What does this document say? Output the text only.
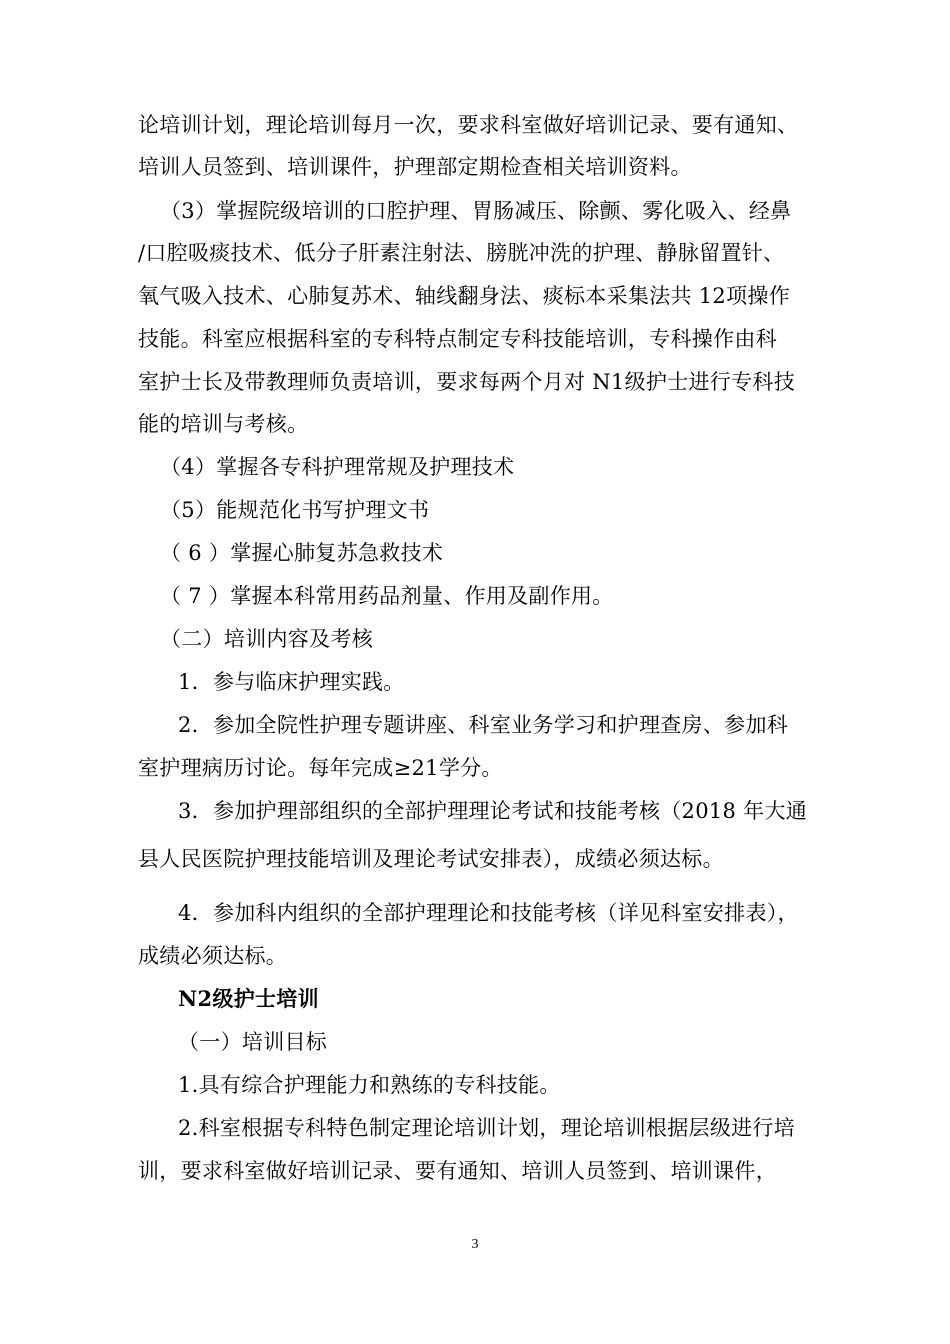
论培训计划，理论培训每月一次，要求科室做好培训记录、要有通知、
培训人员签到、培训课件，护理部定期检查相关培训资料。
（3）掌握院级培训的口腔护理、胃肠减压、除颤、雾化吸入、经鼻
/口腔吸痰技术、低分子肝素注射法、膀胱冲洗的护理、静脉留置针、
氧气吸入技术、心肺复苏术、轴线翻身法、痰标本采集法共 12项操作
技能。科室应根据科室的专科特点制定专科技能培训，专科操作由科
室护士长及带教理师负责培训，要求每两个月对 N1级护士进行专科技
能的培训与考核。
（4）掌握各专科护理常规及护理技术
（5）能规范化书写护理文书
（ 6 ）掌握心肺复苏急救技术
（ 7 ）掌握本科常用药品剂量、作用及副作用。
（二）培训内容及考核
1．参与临床护理实践。
2．参加全院性护理专题讲座、科室业务学习和护理查房、参加科
室护理病历讨论。每年完成≥21学分。
3．参加护理部组织的全部护理理论考试和技能考核（2018 年大通
县人民医院护理技能培训及理论考试安排表），成绩必须达标。
4．参加科内组织的全部护理理论和技能考核（详见科室安排表），
成绩必须达标。
N2级护士培训
（一）培训目标
1.具有综合护理能力和熟练的专科技能。
2.科室根据专科特色制定理论培训计划，理论培训根据层级进行培
训，要求科室做好培训记录、要有通知、培训人员签到、培训课件，
3
